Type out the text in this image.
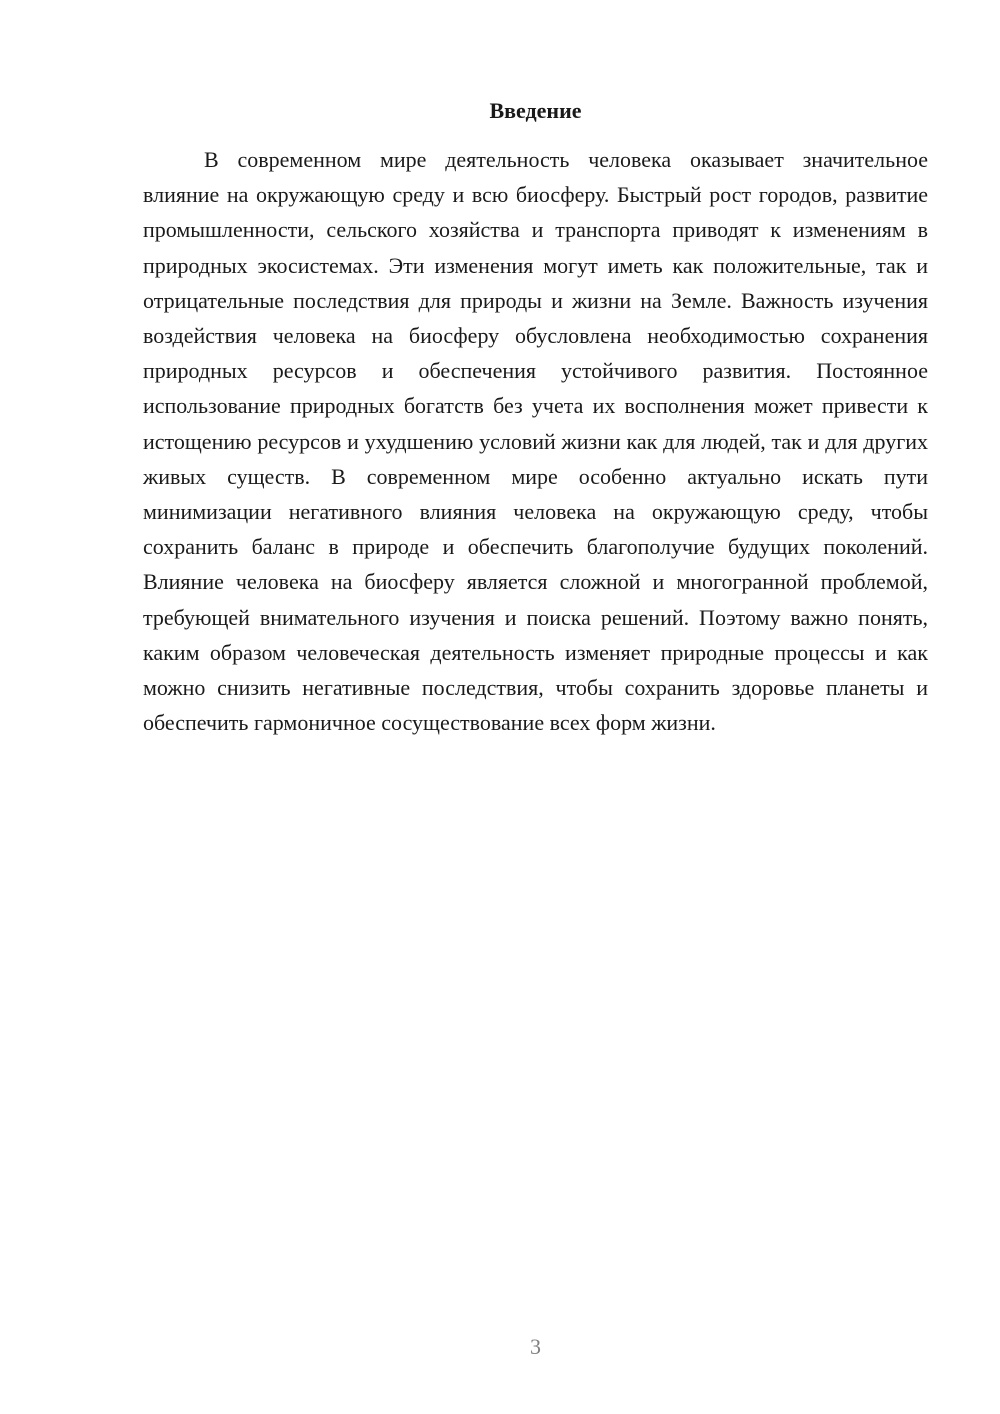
Введение

В современном мире деятельность человека оказывает значительное влияние на окружающую среду и всю биосферу. Быстрый рост городов, развитие промышленности, сельского хозяйства и транспорта приводят к изменениям в природных экосистемах. Эти изменения могут иметь как положительные, так и отрицательные последствия для природы и жизни на Земле. Важность изучения воздействия человека на биосферу обусловлена необходимостью сохранения природных ресурсов и обеспечения устойчивого развития. Постоянное использование природных богатств без учета их восполнения может привести к истощению ресурсов и ухудшению условий жизни как для людей, так и для других живых существ. В современном мире особенно актуально искать пути минимизации негативного влияния человека на окружающую среду, чтобы сохранить баланс в природе и обеспечить благополучие будущих поколений. Влияние человека на биосферу является сложной и многогранной проблемой, требующей внимательного изучения и поиска решений. Поэтому важно понять, каким образом человеческая деятельность изменяет природные процессы и как можно снизить негативные последствия, чтобы сохранить здоровье планеты и обеспечить гармоничное сосуществование всех форм жизни.

3
